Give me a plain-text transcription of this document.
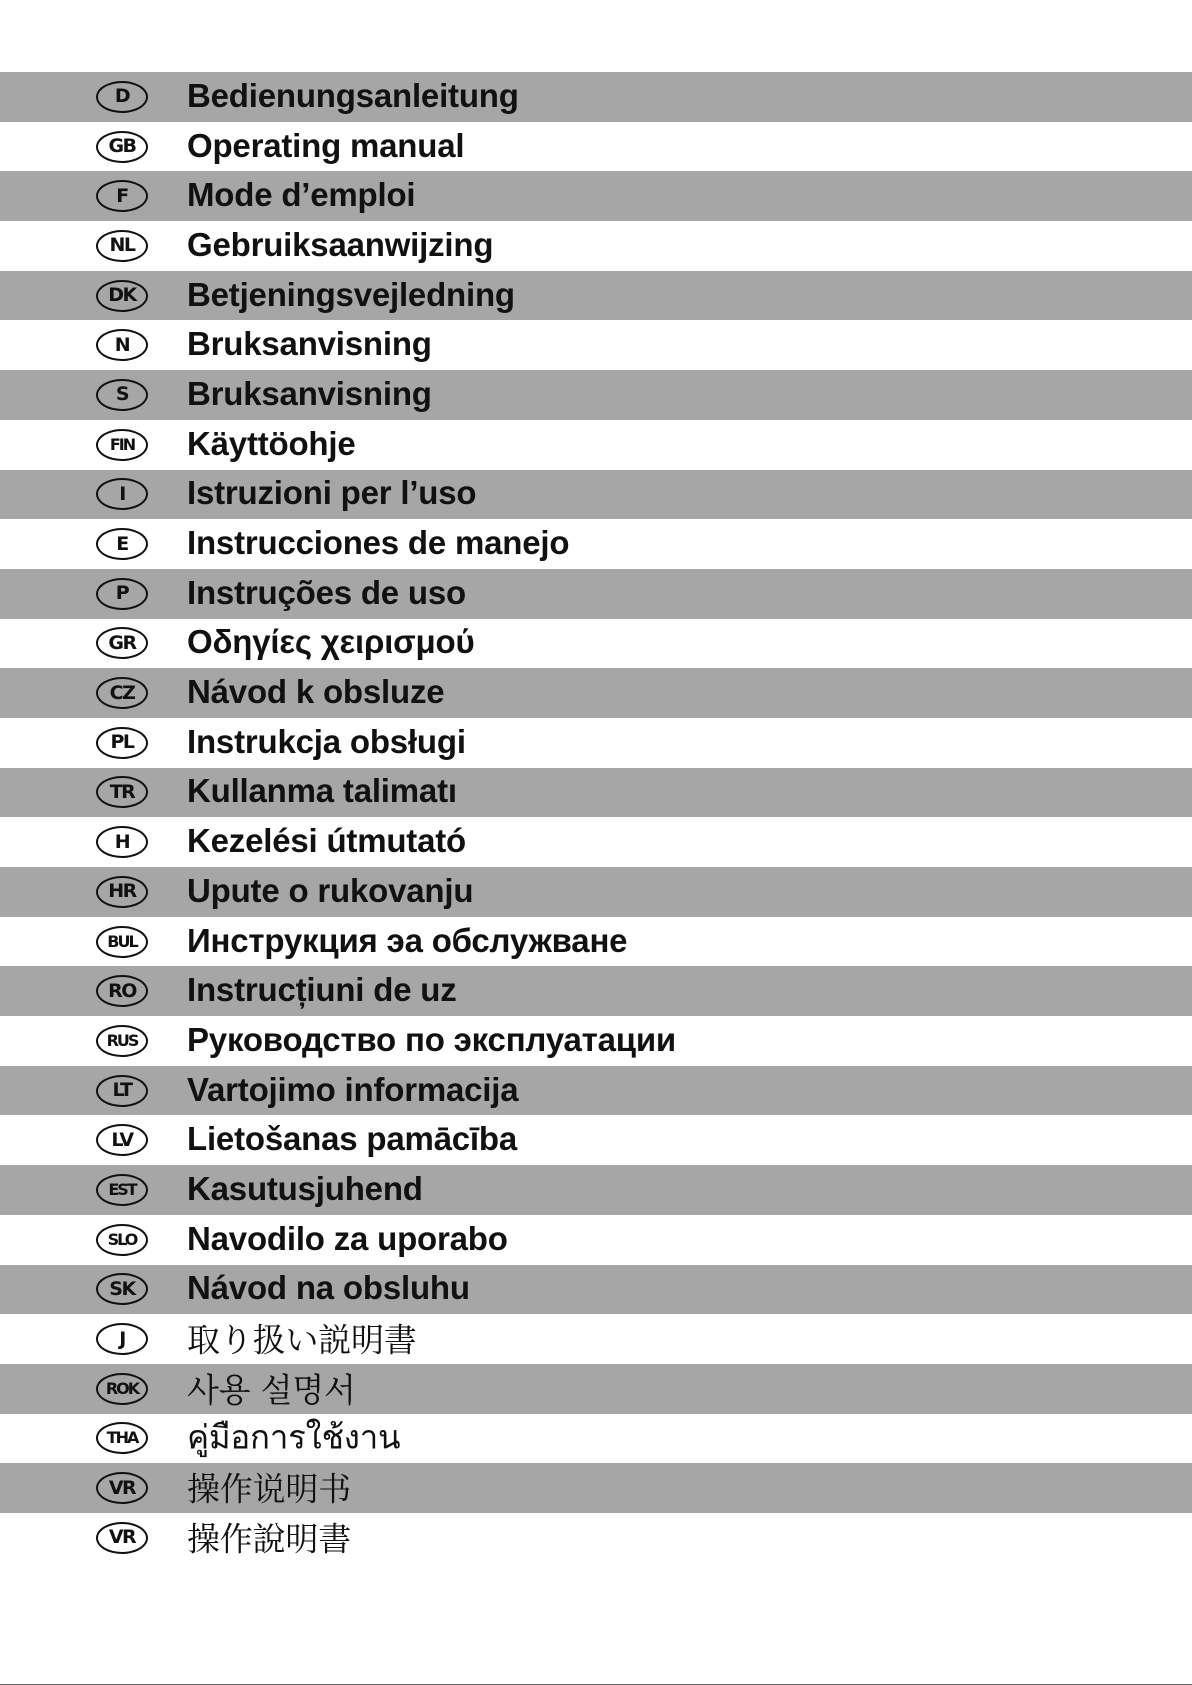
D	Bedienungsanleitung
GB	Operating manual
F	Mode d’emploi
NL	Gebruiksaanwijzing
DK	Betjeningsvejledning
N	Bruksanvisning
S	Bruksanvisning
FIN	Käyttöohje
I	Istruzioni per l’uso
E	Instrucciones de manejo
P	Instruções de uso
GR	Οδηγίες χειρισμού
CZ	Návod k obsluze
PL	Instrukcja obsługi
TR	Kullanma talimatı
H	Kezelési útmutató
HR	Upute o rukovanju
BUL	Инструкция эа обслужване
RO	Instrucțiuni de uz
RUS	Руководство по эксплуатации
LT	Vartojimo informacija
LV	Lietošanas pamācība
EST	Kasutusjuhend
SLO	Navodilo za uporabo
SK	Návod na obsluhu
J	取り扱い説明書
ROK 사용 설명서
THA	คู่มือการใช้งาน
VR	操作说明书
VR	操作說明書
